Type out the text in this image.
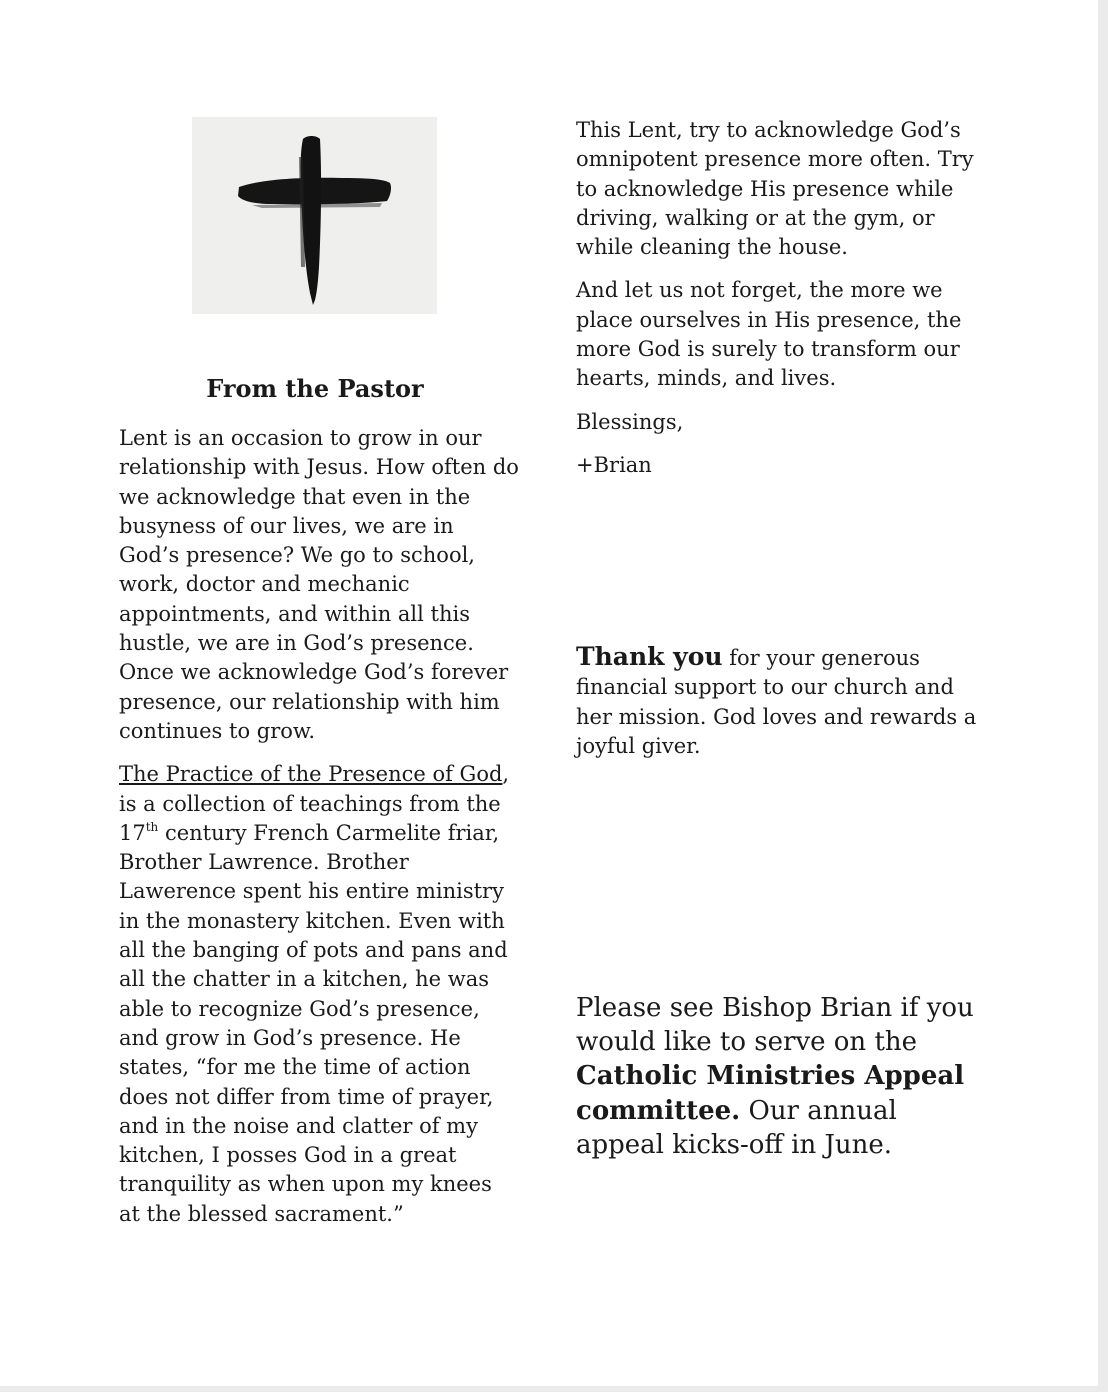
From the Pastor

Lent is an occasion to grow in our relationship with Jesus. How often do we acknowledge that even in the busyness of our lives, we are in God’s presence? We go to school, work, doctor and mechanic appointments, and within all this hustle, we are in God’s presence. Once we acknowledge God’s forever presence, our relationship with him continues to grow.

The Practice of the Presence of God, is a collection of teachings from the 17th century French Carmelite friar, Brother Lawrence. Brother Lawerence spent his entire ministry in the monastery kitchen. Even with all the banging of pots and pans and all the chatter in a kitchen, he was able to recognize God’s presence, and grow in God’s presence. He states, “for me the time of action does not differ from time of prayer, and in the noise and clatter of my kitchen, I posses God in a great tranquility as when upon my knees at the blessed sacrament.”

This Lent, try to acknowledge God’s omnipotent presence more often. Try to acknowledge His presence while driving, walking or at the gym, or while cleaning the house.

And let us not forget, the more we place ourselves in His presence, the more God is surely to transform our hearts, minds, and lives.

Blessings,

+Brian

Thank you for your generous financial support to our church and her mission. God loves and rewards a joyful giver.

Please see Bishop Brian if you would like to serve on the Catholic Ministries Appeal committee. Our annual appeal kicks-off in June.
